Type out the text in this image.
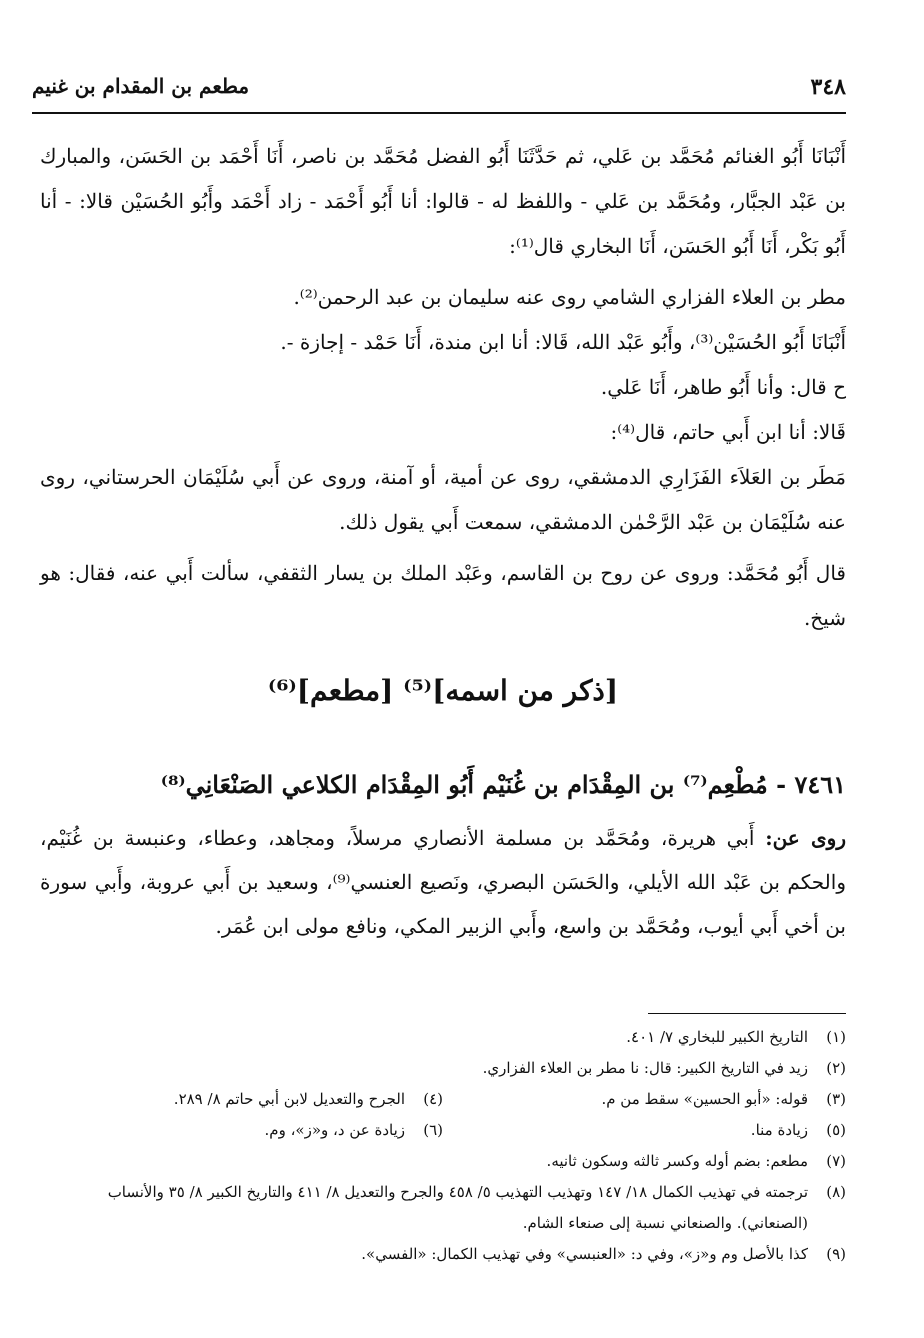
٣٤٨
مطعم بن المقدام بن غنيم

أَنْبَانَا أَبُو الغنائم مُحَمَّد بن عَلي، ثم حَدَّثَنَا أَبُو الفضل مُحَمَّد بن ناصر، أَنَا أَحْمَد بن الحَسَن، والمبارك بن عَبْد الجبَّار، ومُحَمَّد بن عَلي - واللفظ له - قالوا: أنا أَبُو أَحْمَد - زاد أَحْمَد وأَبُو الحُسَيْن قالا: - أنا أَبُو بَكْر، أَنَا أَبُو الحَسَن، أَنَا البخاري قال⁽¹⁾:

مطر بن العلاء الفزاري الشامي روى عنه سليمان بن عبد الرحمن⁽²⁾.

أَنْبَانَا أَبُو الحُسَيْن⁽³⁾، وأَبُو عَبْد الله، قَالا: أنا ابن مندة، أَنَا حَمْد - إجازة -.

ح قال: وأنا أَبُو طاهر، أَنَا عَلي.

قَالا: أنا ابن أَبي حاتم، قال⁽⁴⁾:

مَطَر بن العَلاَء الفَزَارِي الدمشقي، روى عن أمية، أو آمنة، وروى عن أَبي سُلَيْمَان الحرستاني، روى عنه سُلَيْمَان بن عَبْد الرَّحْمٰن الدمشقي، سمعت أَبي يقول ذلك.

قال أَبُو مُحَمَّد: وروى عن روح بن القاسم، وعَبْد الملك بن يسار الثقفي، سألت أَبي عنه، فقال: هو شيخ.

[ذكر من اسمه]⁽⁵⁾ [مطعم]⁽⁶⁾
٧٤٦١ - مُطْعِم⁽⁷⁾ بن المِقْدَام بن غُنَيْم أَبُو المِقْدَام الكلاعي الصَنْعَانِي⁽⁸⁾

روى عن: أَبي هريرة، ومُحَمَّد بن مسلمة الأنصاري مرسلاً، ومجاهد، وعطاء، وعنبسة بن غُنَيْم، والحكم بن عَبْد الله الأيلي، والحَسَن البصري، ونَصيع العنسي⁽⁹⁾، وسعيد بن أَبي عروبة، وأَبي سورة بن أخي أَبي أيوب، ومُحَمَّد بن واسع، وأَبي الزبير المكي، ونافع مولى ابن عُمَر.

(١)
التاريخ الكبير للبخاري ٧/ ٤٠١.
(٢)
زيد في التاريخ الكبير: قال: نا مطر بن العلاء الفزاري.
(٣)
قوله: «أبو الحسين» سقط من م.
(٤)
الجرح والتعديل لابن أبي حاتم ٨/ ٢٨٩.
(٥)
زيادة منا.
(٦)
زيادة عن د، و«ز»، وم.
(٧)
مطعم: بضم أوله وكسر ثالثه وسكون ثانيه.
(٨)
ترجمته في تهذيب الكمال ١٨/ ١٤٧ وتهذيب التهذيب ٥/ ٤٥٨ والجرح والتعديل ٨/ ٤١١ والتاريخ الكبير ٨/ ٣٥ والأنساب (الصنعاني). والصنعاني نسبة إلى صنعاء الشام.
(٩)
كذا بالأصل وم و«ز»، وفي د: «العنبسي» وفي تهذيب الكمال: «الفسي».
